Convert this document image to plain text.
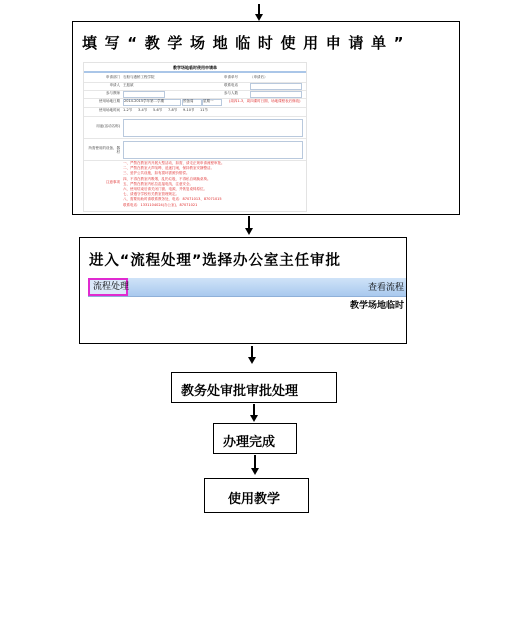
填 写 “ 教 学 场 地 临 时 使 用 申 请 单 ”
教学场地临时使用申请单
申请部门 石船与港桥工程学院	申请单号	（申请后）
申请人 王振斌	联系电话
参与教师	参与人数
使用场地日期 2014-2015学年第二学期	预备周	星期一	(周四1-3，周四课时日期，场地课程表后修改)
使用场地时间 1-2节 3-4节 5-6节 7-8节 9-10节 11节
用途(活动名称)
所需使用的设备、器材
注意事项
一、严禁在教室内开展大型活动，如需，请走正规申请流程审批。
二、严禁在教室大声喧哗、追逐打闹，保持教室安静整洁。
三、爱护公共设施，如有损坏需照价赔偿。
四、不得在教室内吸烟，乱扔垃圾，不得私自调换桌椅。
五、严禁在教室内私拉乱接电线，注意安全。
六、使用结束后请关闭门窗、电源，并恢复桌椅原位。
七、请遵守学校有关教室管理规定。
八、需要协助时请联系教务处，电话：87071013、87071015
联系电话：1331104024(办公室)、87071021
进入“流程处理”选择办公室主任审批
流程处理	查看流程
教学场地临时
教务处审批审批处理
办理完成
使用教学
